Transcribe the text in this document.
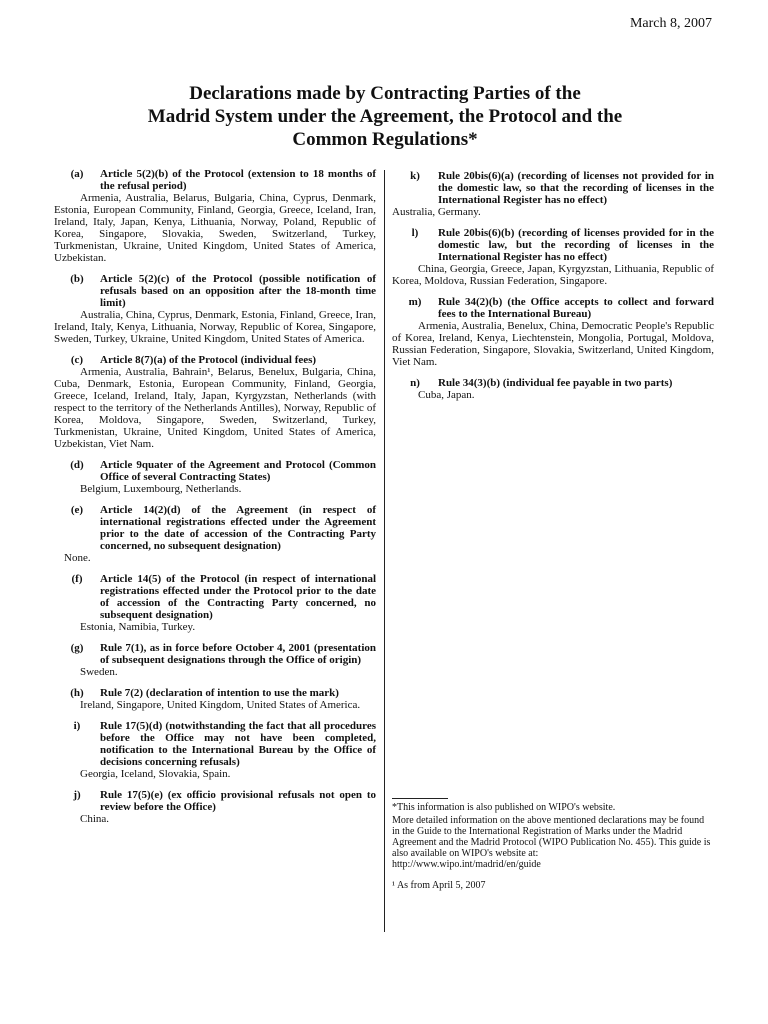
March 8, 2007
Declarations made by Contracting Parties of the
Madrid System under the Agreement, the Protocol and the
Common Regulations*
(a)	Article 5(2)(b) of the Protocol (extension to 18 months of the refusal period)
Armenia, Australia, Belarus, Bulgaria, China, Cyprus, Denmark, Estonia, European Community, Finland, Georgia, Greece, Iceland, Iran, Ireland, Italy, Japan, Kenya, Lithuania, Norway, Poland, Republic of Korea, Singapore, Slovakia, Sweden, Switzerland, Turkey, Turkmenistan, Ukraine, United Kingdom, United States of America, Uzbekistan.
(b)	Article 5(2)(c) of the Protocol (possible notification of refusals based on an opposition after the 18-month time limit)
Australia, China, Cyprus, Denmark, Estonia, Finland, Greece, Iran, Ireland, Italy, Kenya, Lithuania, Norway, Republic of Korea, Singapore, Sweden, Turkey, Ukraine, United Kingdom, United States of America.
(c)	Article 8(7)(a) of the Protocol (individual fees)
Armenia, Australia, Bahrain¹, Belarus, Benelux, Bulgaria, China, Cuba, Denmark, Estonia, European Community, Finland, Georgia, Greece, Iceland, Ireland, Italy, Japan, Kyrgyzstan, Netherlands (with respect to the territory of the Netherlands Antilles), Norway, Republic of Korea, Moldova, Singapore, Sweden, Switzerland, Turkey, Turkmenistan, Ukraine, United Kingdom, United States of America, Uzbekistan, Viet Nam.
(d)	Article 9quater of the Agreement and Protocol (Common Office of several Contracting States)
Belgium, Luxembourg, Netherlands.
(e)	Article 14(2)(d) of the Agreement (in respect of international registrations effected under the Agreement prior to the date of accession of the Contracting Party concerned, no subsequent designation)
None.
(f)	Article 14(5) of the Protocol (in respect of international registrations effected under the Protocol prior to the date of accession of the Contracting Party concerned, no subsequent designation)
Estonia, Namibia, Turkey.
(g)	Rule 7(1), as in force before October 4, 2001 (presentation of subsequent designations through the Office of origin)
Sweden.
(h)	Rule 7(2) (declaration of intention to use the mark)
Ireland, Singapore, United Kingdom, United States of America.
i)	Rule 17(5)(d) (notwithstanding the fact that all procedures before the Office may not have been completed, notification to the International Bureau by the Office of decisions concerning refusals)
Georgia, Iceland, Slovakia, Spain.
j)	Rule 17(5)(e) (ex officio provisional refusals not open to review before the Office)
China.
k)	Rule 20bis(6)(a) (recording of licenses not provided for in the domestic law, so that the recording of licenses in the International Register has no effect)
Australia, Germany.
l)	Rule 20bis(6)(b) (recording of licenses provided for in the domestic law, but the recording of licenses in the International Register has no effect)
China, Georgia, Greece, Japan, Kyrgyzstan, Lithuania, Republic of Korea, Moldova, Russian Federation, Singapore.
m)	Rule 34(2)(b) (the Office accepts to collect and forward fees to the International Bureau)
Armenia, Australia, Benelux, China, Democratic People's Republic of Korea, Ireland, Kenya, Liechtenstein, Mongolia, Portugal, Moldova, Russian Federation, Singapore, Slovakia, Switzerland, United Kingdom, Viet Nam.
n)	Rule 34(3)(b) (individual fee payable in two parts)
Cuba, Japan.
*This information is also published on WIPO's website.
More detailed information on the above mentioned declarations may be found in the Guide to the International Registration of Marks under the Madrid Agreement and the Madrid Protocol (WIPO Publication No. 455). This guide is also available on WIPO's website at:
http://www.wipo.int/madrid/en/guide
¹ As from April 5, 2007
